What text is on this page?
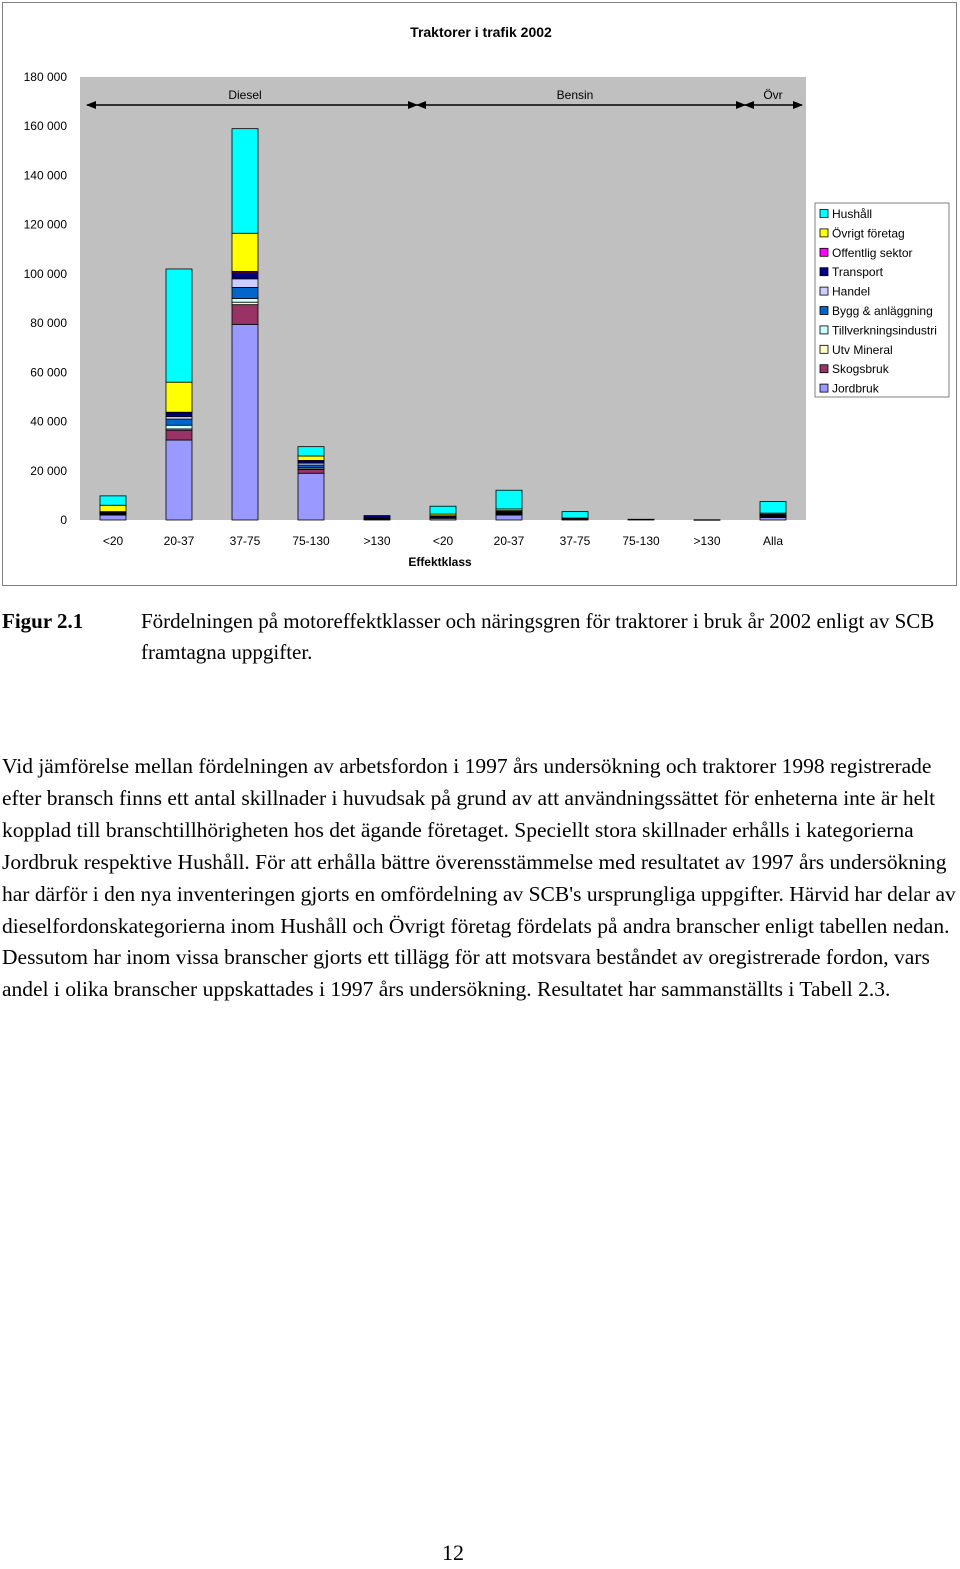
Traktorer i trafik 2002
0
20 000
40 000
60 000
80 000
100 000
120 000
140 000
160 000
180 000
<20	20-37	37-75	75-130	>130	<20	20-37	37-75	75-130	>130	Alla
Diesel	Bensin	Övr
Effektklass
Hushåll
Övrigt företag
Offentlig sektor
Transport
Handel
Bygg & anläggning
Tillverkningsindustri
Utv Mineral
Skogsbruk
Jordbruk
Figur 2.1	Fördelningen på motoreffektklasser och näringsgren för traktorer i bruk år 2002 enligt av SCB framtagna uppgifter.
Vid jämförelse mellan fördelningen av arbetsfordon i 1997 års undersökning och traktorer 1998 registrerade efter bransch finns ett antal skillnader i huvudsak på grund av att användningssättet för enheterna inte är helt kopplad till branschtillhörigheten hos det ägande företaget. Speciellt stora skillnader erhålls i kategorierna Jordbruk respektive Hushåll. För att erhålla bättre överensstämmelse med resultatet av 1997 års undersökning har därför i den nya inventeringen gjorts en omfördelning av SCB's ursprungliga uppgifter. Härvid har delar av dieselfordonskategorierna inom Hushåll och Övrigt företag fördelats på andra branscher enligt tabellen nedan. Dessutom har inom vissa branscher gjorts ett tillägg för att motsvara beståndet av oregistrerade fordon, vars andel i olika branscher uppskattades i 1997 års undersökning. Resultatet har sammanställts i Tabell 2.3.
12
